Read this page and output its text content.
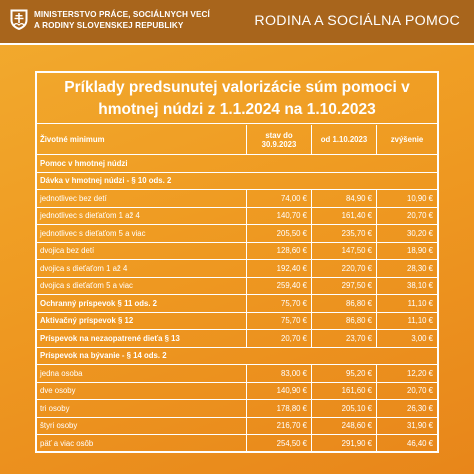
MINISTERSTVO PRÁCE, SOCIÁLNYCH VECÍ
A RODINY SLOVENSKEJ REPUBLIKY	RODINA A SOCIÁLNA POMOC
Príklady predsunutej valorizácie súm pomoci v
hmotnej núdzi z 1.1.2024 na 1.10.2023
Životné minimum	stav do 30.9.2023	od 1.10.2023	zvýšenie
Pomoc v hmotnej núdzi
Dávka v hmotnej núdzi - § 10 ods. 2
jednotlivec bez detí	74,00 €	84,90 €	10,90 €
jednotlivec s dieťaťom 1 až 4	140,70 €	161,40 €	20,70 €
jednotlivec s dieťaťom 5 a viac	205,50 €	235,70 €	30,20 €
dvojica bez detí	128,60 €	147,50 €	18,90 €
dvojica s dieťaťom 1 až 4	192,40 €	220,70 €	28,30 €
dvojica s dieťaťom 5 a viac	259,40 €	297,50 €	38,10 €
Ochranný príspevok § 11 ods. 2	75,70 €	86,80 €	11,10 €
Aktivačný príspevok § 12	75,70 €	86,80 €	11,10 €
Príspevok na nezaopatrené dieťa § 13	20,70 €	23,70 €	3,00 €
Príspevok na bývanie - § 14 ods. 2
jedna osoba	83,00 €	95,20 €	12,20 €
dve osoby	140,90 €	161,60 €	20,70 €
tri osoby	178,80 €	205,10 €	26,30 €
štyri osoby	216,70 €	248,60 €	31,90 €
päť a viac osôb	254,50 €	291,90 €	46,40 €
